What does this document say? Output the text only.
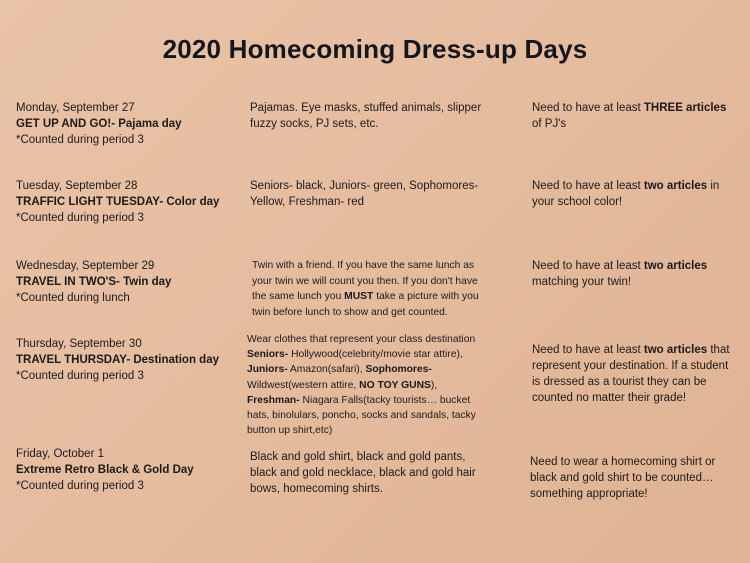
2020 Homecoming Dress-up Days
Monday, September 27
GET UP AND GO!- Pajama day
*Counted during period 3
Pajamas. Eye masks, stuffed animals, slipper
fuzzy socks, PJ sets, etc.
Need to have at least THREE articles
of PJ's
Tuesday, September 28
TRAFFIC LIGHT TUESDAY- Color day
*Counted during period 3
Seniors- black, Juniors- green, Sophomores-
Yellow, Freshman- red
Need to have at least two articles in
your school color!
Wednesday, September 29
TRAVEL IN TWO'S- Twin day
*Counted during lunch
Twin with a friend. If you have the same lunch as
your twin we will count you then. If you don't have
the same lunch you MUST take a picture with you
twin before lunch to show and get counted.
Need to have at least two articles
matching your twin!
Thursday, September 30
TRAVEL THURSDAY- Destination day
*Counted during period 3
Wear clothes that represent your class destination
Seniors- Hollywood(celebrity/movie star attire),
Juniors- Amazon(safari), Sophomores-
Wildwest(western attire, NO TOY GUNS),
Freshman- Niagara Falls(tacky tourists… bucket
hats, binolulars, poncho, socks and sandals, tacky
button up shirt,etc)
Need to have at least two articles that
represent your destination. If a student
is dressed as a tourist they can be
counted no matter their grade!
Friday, October 1
Extreme Retro Black & Gold Day
*Counted during period 3
Black and gold shirt, black and gold pants,
black and gold necklace, black and gold hair
bows, homecoming shirts.
Need to wear a homecoming shirt or
black and gold shirt to be counted…
something appropriate!
